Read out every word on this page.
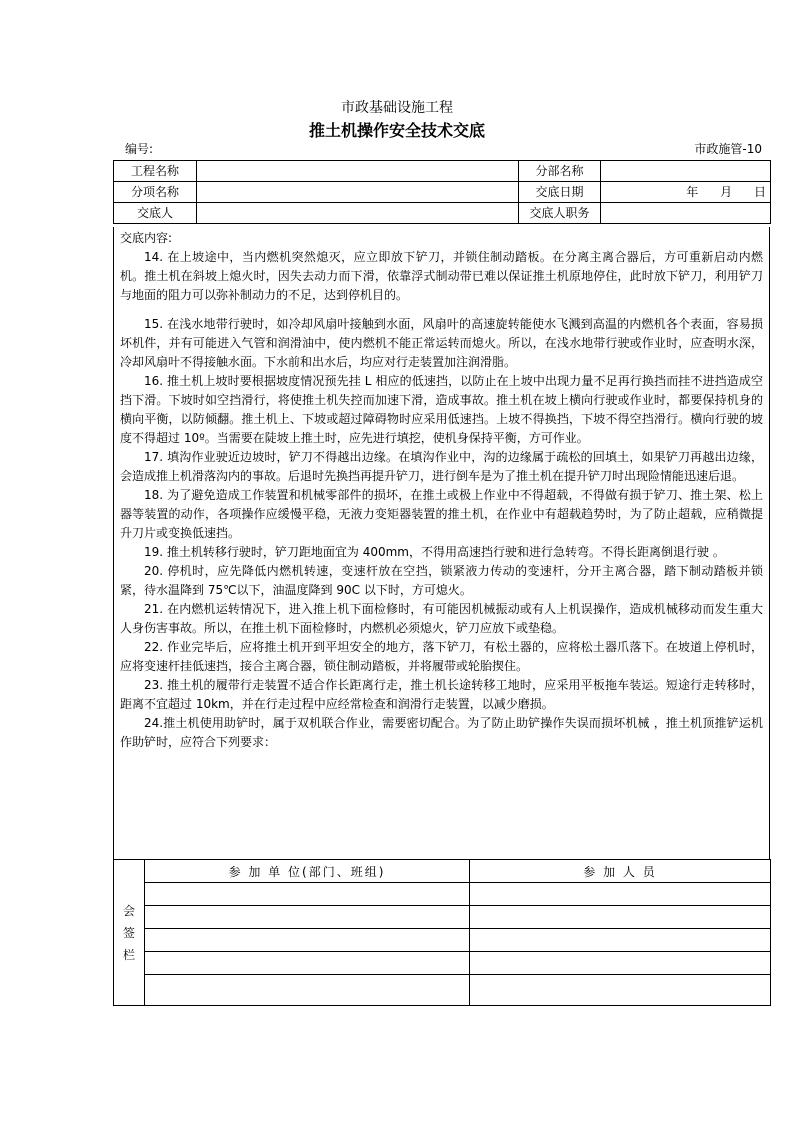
市政基础设施工程
推土机操作安全技术交底
编号:	市政施管-10
工程名称		分部名称	
分项名称		交底日期	年 月 日
交底人		交底人职务	
交底内容:

14. 在上坡途中，当内燃机突然熄灭，应立即放下铲刀，并锁住制动踏板。在分离主离合器后，方可重新启动内燃机。推土机在斜坡上熄火时，因失去动力而下滑，依靠浮式制动带已难以保证推土机原地停住，此时放下铲刀，利用铲刀与地面的阻力可以弥补制动力的不足，达到停机目的。

15. 在浅水地带行驶时，如冷却风扇叶接触到水面，风扇叶的高速旋转能使水飞溅到高温的内燃机各个表面，容易损坏机件，并有可能进入气管和润滑油中，使内燃机不能正常运转而熄火。所以，在浅水地带行驶或作业时，应查明水深，冷却风扇叶不得接触水面。下水前和出水后，均应对行走装置加注润滑脂。

16. 推土机上坡时要根据坡度情况预先挂 L 相应的低速挡，以防止在上坡中出现力量不足再行换挡而挂不进挡造成空挡下滑。下坡时如空挡滑行，将使推土机失控而加速下滑，造成事故。推土机在坡上横向行驶或作业时，都要保持机身的横向平衡，以防倾翻。推土机上、下坡或超过障碍物时应采用低速挡。上坡不得换挡，下坡不得空挡滑行。横向行驶的坡度不得超过 10º。当需要在陡坡上推土时，应先进行填挖，使机身保持平衡，方可作业。

17. 填沟作业驶近边坡时，铲刀不得越出边缘。在填沟作业中，沟的边缘属于疏松的回填土，如果铲刀再越出边缘，会造成推上机滑落沟内的事故。后退时先换挡再提升铲刀，进行倒车是为了推土机在提升铲刀时出现险情能迅速后退。

18. 为了避免造成工作装置和机械零部件的损坏，在推土或极上作业中不得超载，不得做有损于铲刀、推土架、松上器等装置的动作，各项操作应缓慢平稳，无液力变矩器装置的推土机，在作业中有超载趋势时，为了防止超载，应稍微提升刀片或变换低速挡。

19. 推土机转移行驶时，铲刀距地面宜为 400mm，不得用高速挡行驶和进行急转弯。不得长距离倒退行驶 。

20. 停机时，应先降低内燃机转速，变速杆放在空挡，锁紧液力传动的变速杆，分开主离合器，踏下制动踏板并锁紧，待水温降到 75℃以下，油温度降到 90C 以下时，方可熄火。

21. 在内燃机运转情况下，进入推上机下面检修时，有可能因机械振动或有人上机误操作，造成机械移动而发生重大人身伤害事故。所以，在推土机下面检修时，内燃机必须熄火，铲刀应放下或垫稳。

22. 作业完毕后，应将推土机开到平坦安全的地方，落下铲刀，有松土器的，应将松土器爪落下。在坡道上停机时，应将变速杆挂低速挡，接合主离合器，锁住制动踏板，并将履带或轮胎揳住。

23. 推土机的履带行走装置不适合作长距离行走，推土机长途转移工地时，应采用平板拖车装运。短途行走转移时，距离不宜超过 10km，并在行走过程中应经常检查和润滑行走装置，以减少磨损。

24.推土机使用助铲时，属于双机联合作业，需要密切配合。为了防止助铲操作失误而损坏机械 ，推土机顶推铲运机作助铲时，应符合下列要求：

会
签
栏	参 加 单 位(部门、班组)	参 加 人 员
